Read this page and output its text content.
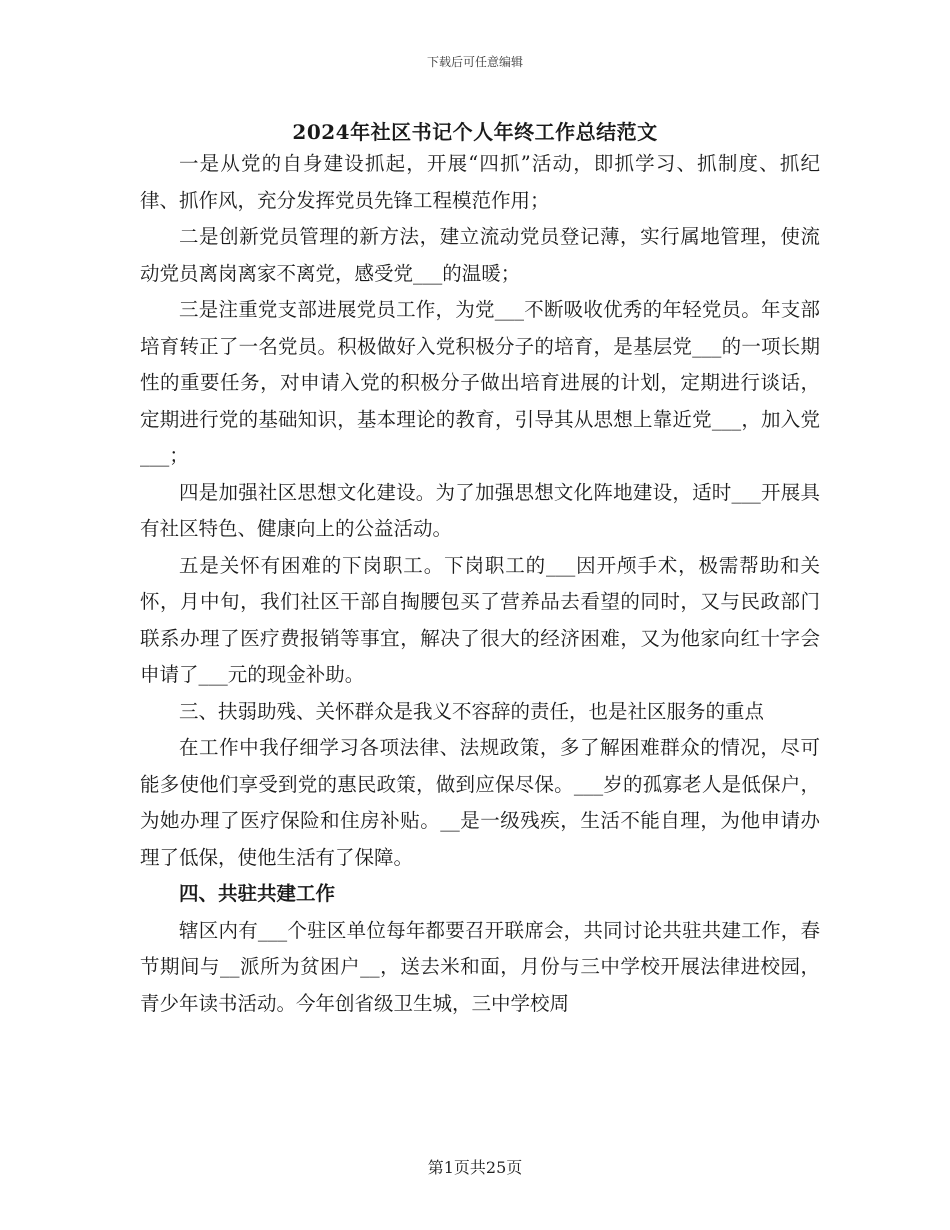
下载后可任意编辑
2024年社区书记个人年终工作总结范文

一是从党的自身建设抓起，开展“四抓”活动，即抓学习、抓制度、抓纪律、抓作风，充分发挥党员先锋工程模范作用；

二是创新党员管理的新方法，建立流动党员登记薄，实行属地管理，使流动党员离岗离家不离党，感受党___的温暖；

三是注重党支部进展党员工作，为党___不断吸收优秀的年轻党员。年支部培育转正了一名党员。积极做好入党积极分子的培育，是基层党___的一项长期性的重要任务，对申请入党的积极分子做出培育进展的计划，定期进行谈话，定期进行党的基础知识，基本理论的教育，引导其从思想上靠近党___，加入党___；

四是加强社区思想文化建设。为了加强思想文化阵地建设，适时___开展具有社区特色、健康向上的公益活动。

五是关怀有困难的下岗职工。下岗职工的___因开颅手术，极需帮助和关怀，月中旬，我们社区干部自掏腰包买了营养品去看望的同时，又与民政部门联系办理了医疗费报销等事宜，解决了很大的经济困难，又为他家向红十字会申请了___元的现金补助。

三、扶弱助残、关怀群众是我义不容辞的责任，也是社区服务的重点

在工作中我仔细学习各项法律、法规政策，多了解困难群众的情况，尽可能多使他们享受到党的惠民政策，做到应保尽保。___岁的孤寡老人是低保户，为她办理了医疗保险和住房补贴。__是一级残疾，生活不能自理，为他申请办理了低保，使他生活有了保障。

四、共驻共建工作

辖区内有___个驻区单位每年都要召开联席会，共同讨论共驻共建工作，春节期间与__派所为贫困户__，送去米和面，月份与三中学校开展法律进校园，青少年读书活动。今年创省级卫生城，三中学校周

第1页共25页
